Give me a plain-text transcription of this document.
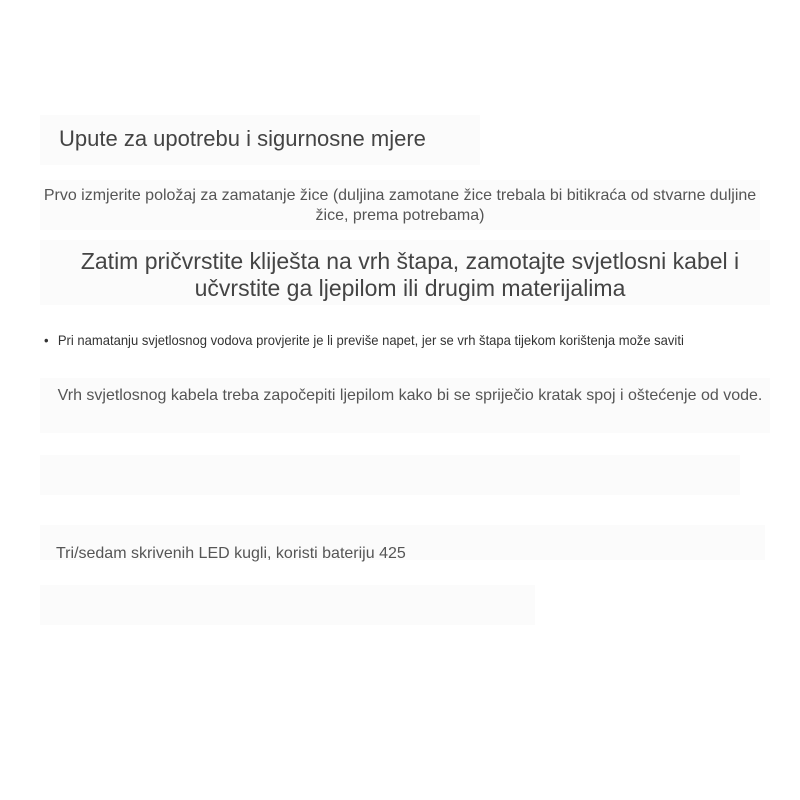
Upute za upotrebu i sigurnosne mjere
Prvo izmjerite položaj za zamatanje žice (duljina zamotane žice trebala bi bitikraća od stvarne duljine žice, prema potrebama)
Zatim pričvrstite kliješta na vrh štapa, zamotajte svjetlosni kabel i učvrstite ga ljepilom ili drugim materijalima
• Pri namatanju svjetlosnog vodova provjerite je li previše napet, jer se vrh štapa tijekom korištenja može saviti
Vrh svjetlosnog kabela treba započepiti ljepilom kako bi se spriječio kratak spoj i oštećenje od vode.
Tri/sedam skrivenih LED kugli, koristi bateriju 425
